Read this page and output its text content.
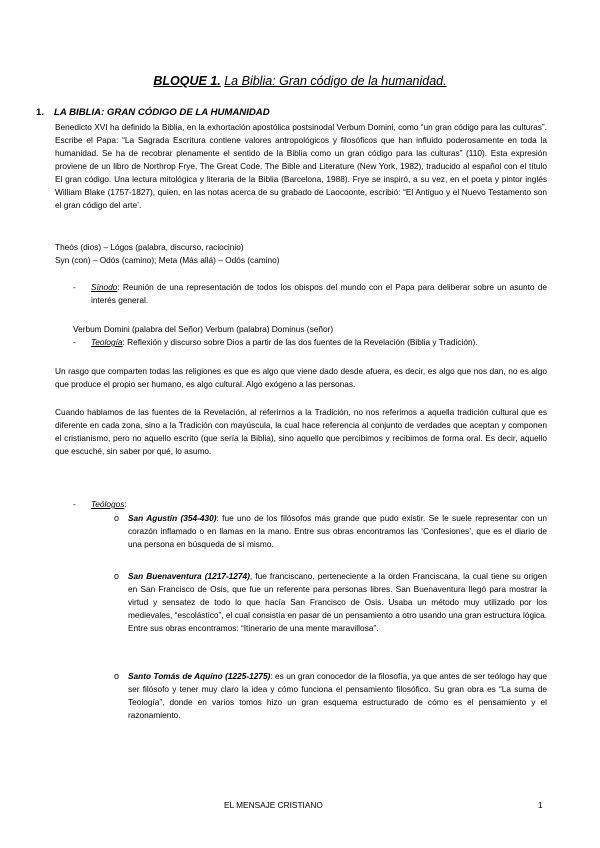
BLOQUE 1. La Biblia: Gran código de la humanidad.
1. LA BIBLIA: GRAN CÓDIGO DE LA HUMANIDAD

Benedicto XVI ha definido la Biblia, en la exhortación apostólica postsinodal Verbum Domini, como “un gran código para las culturas”. Escribe el Papa: “La Sagrada Escritura contiene valores antropológicos y filosóficos que han influido poderosamente en toda la humanidad. Se ha de recobrar plenamente el sentido de la Biblia como un gran código para las culturas” (110). Esta expresión proviene de un libro de Northrop Frye, The Great Code. The Bible and Literature (New York, 1982), traducido al español con el título El gran código. Una lectura mitológica y literaria de la Biblia (Barcelona, 1988). Frye se inspiró, a su vez, en el poeta y pintor inglés William Blake (1757-1827), quien, en las notas acerca de su grabado de Laocoonte, escribió: “El Antiguo y el Nuevo Testamento son el gran código del arte’.

Theós (dios) – Lógos (palabra, discurso, raciocinio)
Syn (con) – Odós (camino); Meta (Más allá) – Odós (camino)
- Sínodo: Reunión de una representación de todos los obispos del mundo con el Papa para deliberar sobre un asunto de interés general.

Verbum Domini (palabra del Señor) Verbum (palabra) Dominus (señor)
- Teología: Reflexión y discurso sobre Dios a partir de las dos fuentes de la Revelación (Biblia y Tradición).

Un rasgo que comparten todas las religiones es que es algo que viene dado desde afuera, es decir, es algo que nos dan, no es algo que produce el propio ser humano, es algo cultural. Algo exógeno a las personas.

Cuando hablamos de las fuentes de la Revelación, al referirnos a la Tradición, no nos referimos a aquella tradición cultural que es diferente en cada zona, sino a la Tradición con mayúscula, la cual hace referencia al conjunto de verdades que aceptan y componen el cristianismo, pero no aquello escrito (que sería la Biblia), sino aquello que percibimos y recibimos de forma oral. Es decir, aquello que escuché, sin saber por qué, lo asumo.

- Teólogos:
o San Agustín (354-430): fue uno de los filósofos más grande que pudo existir. Se le suele representar con un corazón inflamado o en llamas en la mano. Entre sus obras encontramos las ‘Confesiones’, que es el diario de una persona en búsqueda de sí mismo.

o San Buenaventura (1217-1274), fue franciscano, perteneciente a la orden Franciscana, la cual tiene su origen en San Francisco de Osis, que fue un referente para personas libres. San Buenaventura llegó para mostrar la virtud y sensatez de todo lo que hacía San Francisco de Osis. Usaba un método muy utilizado por los medievales, “escolástico”, el cual consistía en pasar de un pensamiento a otro usando una gran estructura lógica. Entre sus obras encontramos: “Itinerario de una mente maravillosa”.

o Santo Tomás de Aquino (1225-1275): es un gran conocedor de la filosofía, ya que antes de ser teólogo hay que ser filósofo y tener muy claro la idea y cómo funciona el pensamiento filosófico. Su gran obra es “La suma de Teología”, donde en varios tomos hizo un gran esquema estructurado de cómo es el pensamiento y el razonamiento.

EL MENSAJE CRISTIANO	1
